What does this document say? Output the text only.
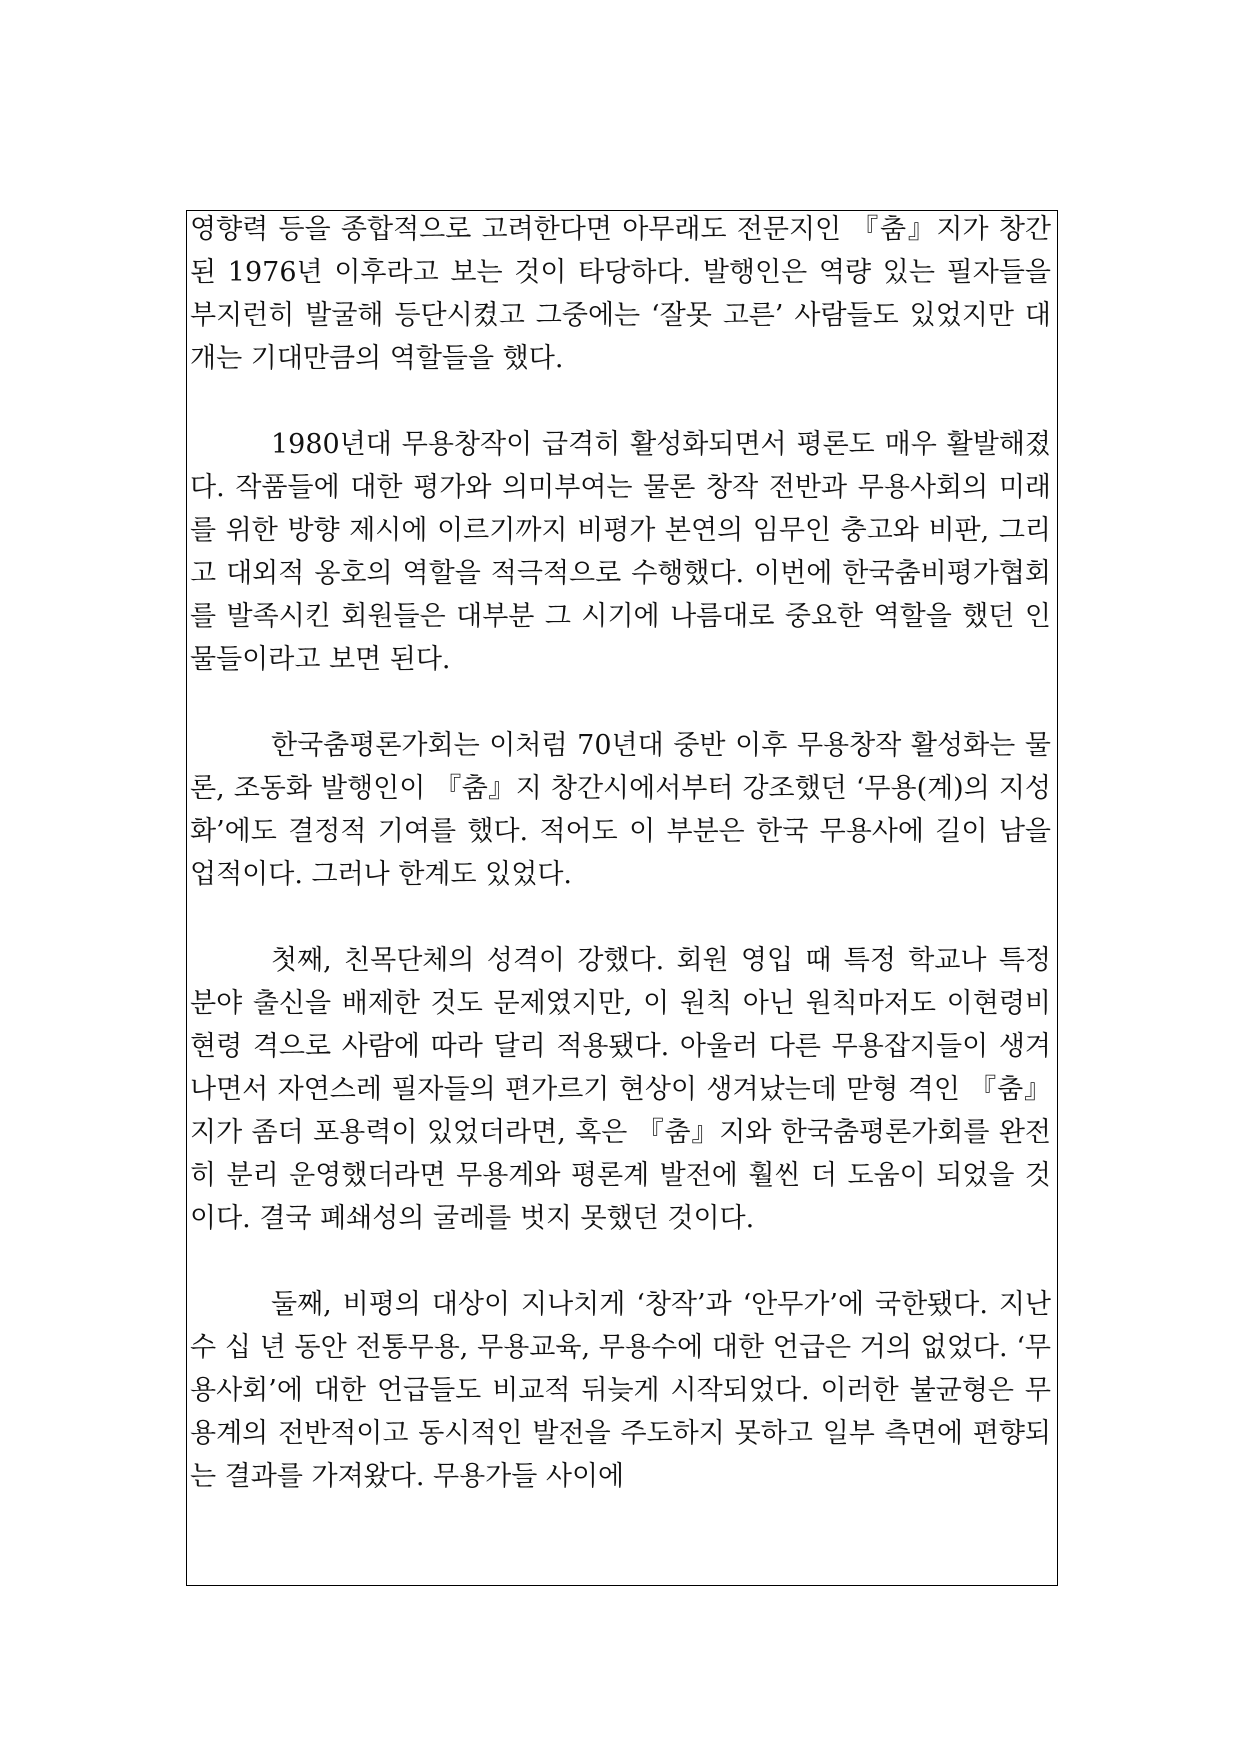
영향력 등을 종합적으로 고려한다면 아무래도 전문지인 『춤』지가 창간된 1976년 이후라고 보는 것이 타당하다. 발행인은 역량 있는 필자들을 부지런히 발굴해 등단시켰고 그중에는 ‘잘못 고른’ 사람들도 있었지만 대개는 기대만큼의 역할들을 했다.

1980년대 무용창작이 급격히 활성화되면서 평론도 매우 활발해졌다. 작품들에 대한 평가와 의미부여는 물론 창작 전반과 무용사회의 미래를 위한 방향 제시에 이르기까지 비평가 본연의 임무인 충고와 비판, 그리고 대외적 옹호의 역할을 적극적으로 수행했다. 이번에 한국춤비평가협회를 발족시킨 회원들은 대부분 그 시기에 나름대로 중요한 역할을 했던 인물들이라고 보면 된다.

한국춤평론가회는 이처럼 70년대 중반 이후 무용창작 활성화는 물론, 조동화 발행인이 『춤』지 창간시에서부터 강조했던 ‘무용(계)의 지성화’에도 결정적 기여를 했다. 적어도 이 부분은 한국 무용사에 길이 남을 업적이다. 그러나 한계도 있었다.

첫째, 친목단체의 성격이 강했다. 회원 영입 때 특정 학교나 특정 분야 출신을 배제한 것도 문제였지만, 이 원칙 아닌 원칙마저도 이현령비현령 격으로 사람에 따라 달리 적용됐다. 아울러 다른 무용잡지들이 생겨나면서 자연스레 필자들의 편가르기 현상이 생겨났는데 맏형 격인 『춤』지가 좀더 포용력이 있었더라면, 혹은 『춤』지와 한국춤평론가회를 완전히 분리 운영했더라면 무용계와 평론계 발전에 훨씬 더 도움이 되었을 것이다. 결국 폐쇄성의 굴레를 벗지 못했던 것이다.

둘째, 비평의 대상이 지나치게 ‘창작’과 ‘안무가’에 국한됐다. 지난 수 십 년 동안 전통무용, 무용교육, 무용수에 대한 언급은 거의 없었다. ‘무용사회’에 대한 언급들도 비교적 뒤늦게 시작되었다. 이러한 불균형은 무용계의 전반적이고 동시적인 발전을 주도하지 못하고 일부 측면에 편향되는 결과를 가져왔다. 무용가들 사이에
